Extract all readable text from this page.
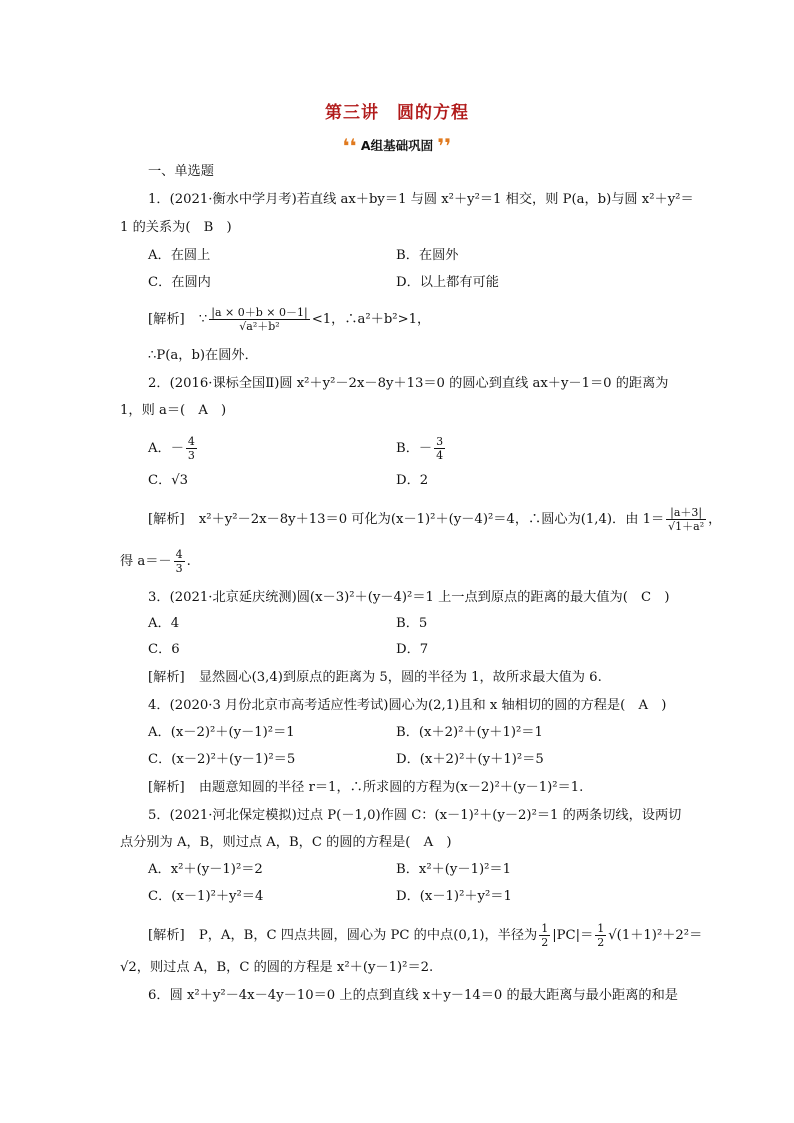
第三讲　圆的方程
❛❛ A组基础巩固 ❜❜
一、单选题
1．(2021·衡水中学月考)若直线 ax＋by＝1 与圆 x²＋y²＝1 相交，则 P(a，b)与圆 x²＋y²＝
1 的关系为(　B　)
A．在圆上	B．在圆外
C．在圆内	D．以上都有可能
[解析] ∵ $\frac{|a \times 0+b \times 0-1|}{\text{√a²＋b²}} <1$，∴a²＋b²>1，
∴P(a，b)在圆外．
2．(2016·课标全国Ⅱ)圆 x²＋y²－2x－8y＋13＝0 的圆心到直线 ax＋y－1＝0 的距离为
1，则 a＝(　A　)
A．－ $\frac{4}{3}$	B．－ $\frac{3}{4}$
C．√3	D．2
[解析] x²＋y²－2x－8y＋13＝0 可化为(x－1)²＋(y－4)²＝4，∴圆心为(1,4)．由 $1= \frac{|a+3|}{\text{√1＋a²}}$ ，
得 $a=- \frac{4}{3}$ .
3．(2021·北京延庆统测)圆(x－3)²＋(y－4)²＝1 上一点到原点的距离的最大值为(　C　)
A．4	B．5
C．6	D．7
[解析] 显然圆心(3,4)到原点的距离为 5，圆的半径为 1，故所求最大值为 6.
4．(2020·3 月份北京市高考适应性考试)圆心为(2,1)且和 x 轴相切的圆的方程是(　A　)
A．(x－2)²＋(y－1)²＝1	B．(x＋2)²＋(y＋1)²＝1
C．(x－2)²＋(y－1)²＝5	D．(x＋2)²＋(y＋1)²＝5
[解析] 由题意知圆的半径 r＝1，∴所求圆的方程为(x－2)²＋(y－1)²＝1.
5．(2021·河北保定模拟)过点 P(－1,0)作圆 C：(x－1)²＋(y－2)²＝1 的两条切线，设两切
点分别为 A，B，则过点 A，B，C 的圆的方程是(　A　)
A．x²＋(y－1)²＝2	B．x²＋(y－1)²＝1
C．(x－1)²＋y²＝4	D．(x－1)²＋y²＝1
[解析] P，A，B，C 四点共圆，圆心为 PC 的中点(0,1)，半径为 $\frac{1}{2} |PC|= \frac{1}{2} √(1+1)^2+2^2=$
√2，则过点 A，B，C 的圆的方程是 x²＋(y－1)²＝2.
6．圆 x²＋y²－4x－4y－10＝0 上的点到直线 x＋y－14＝0 的最大距离与最小距离的和是
